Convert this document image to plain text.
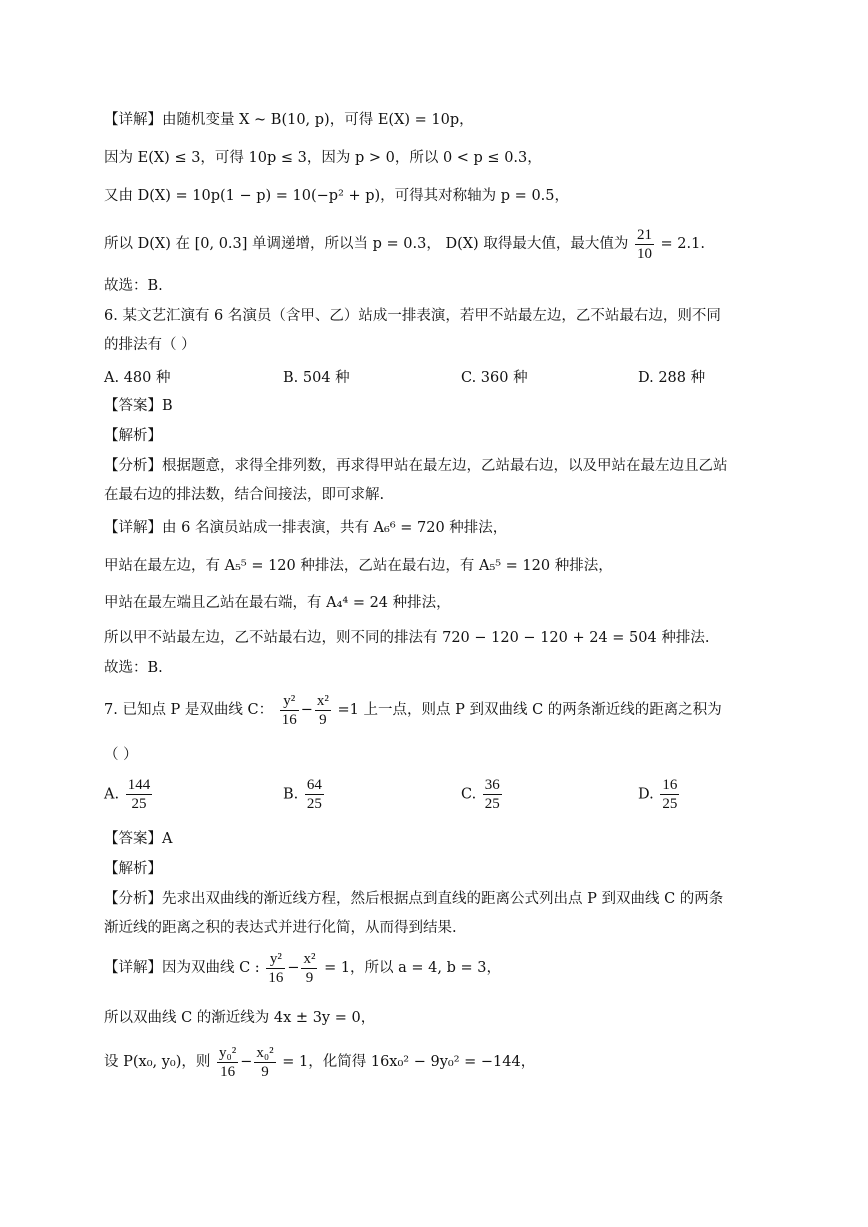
【详解】由随机变量 X ~ B(10, p)，可得 E(X) = 10p，
因为 E(X) ≤ 3，可得 10p ≤ 3，因为 p > 0，所以 0 < p ≤ 0.3，
又由 D(X) = 10p(1 − p) = 10(−p² + p)，可得其对称轴为 p = 0.5，
所以 D(X) 在 [0, 0.3] 单调递增，所以当 p = 0.3， D(X) 取得最大值，最大值为 $\frac{21}{10} = 2.1$.
故选：B.
6. 某文艺汇演有 6 名演员（含甲、乙）站成一排表演，若甲不站最左边，乙不站最右边，则不同
的排法有（ ）
A. 480 种	B. 504 种	C. 360 种	D. 288 种
【答案】B
【解析】
【分析】根据题意，求得全排列数，再求得甲站在最左边，乙站最右边，以及甲站在最左边且乙站
在最右边的排法数，结合间接法，即可求解.
【详解】由 6 名演员站成一排表演，共有 A₆⁶ = 720 种排法，
甲站在最左边，有 A₅⁵ = 120 种排法，乙站在最右边，有 A₅⁵ = 120 种排法，
甲站在最左端且乙站在最右端，有 A₄⁴ = 24 种排法，
所以甲不站最左边，乙不站最右边，则不同的排法有 720 − 120 − 120 + 24 = 504 种排法.
故选：B.
7. 已知点 P 是双曲线 C： $\frac{\text{y²}}{16} - \frac{\text{x²}}{9} =1$ 上一点，则点 P 到双曲线 C 的两条渐近线的距离之积为
（ ）
A. $\frac{144}{25}$	B. $\frac{64}{25}$	C. $\frac{36}{25}$	D. $\frac{16}{25}$
【答案】A
【解析】
【分析】先求出双曲线的渐近线方程，然后根据点到直线的距离公式列出点 P 到双曲线 C 的两条
渐近线的距离之积的表达式并进行化简，从而得到结果.
【详解】因为双曲线 C : $\frac{\text{y²}}{16} - \frac{\text{x²}}{9} = 1$，所以 a = 4, b = 3，
所以双曲线 C 的渐近线为 4x ± 3y = 0，
设 P(x₀, y₀)，则 $\frac{\text{y₀²}}{16} - \frac{\text{x₀²}}{9} = 1$，化简得 16x₀² − 9y₀² = −144，
